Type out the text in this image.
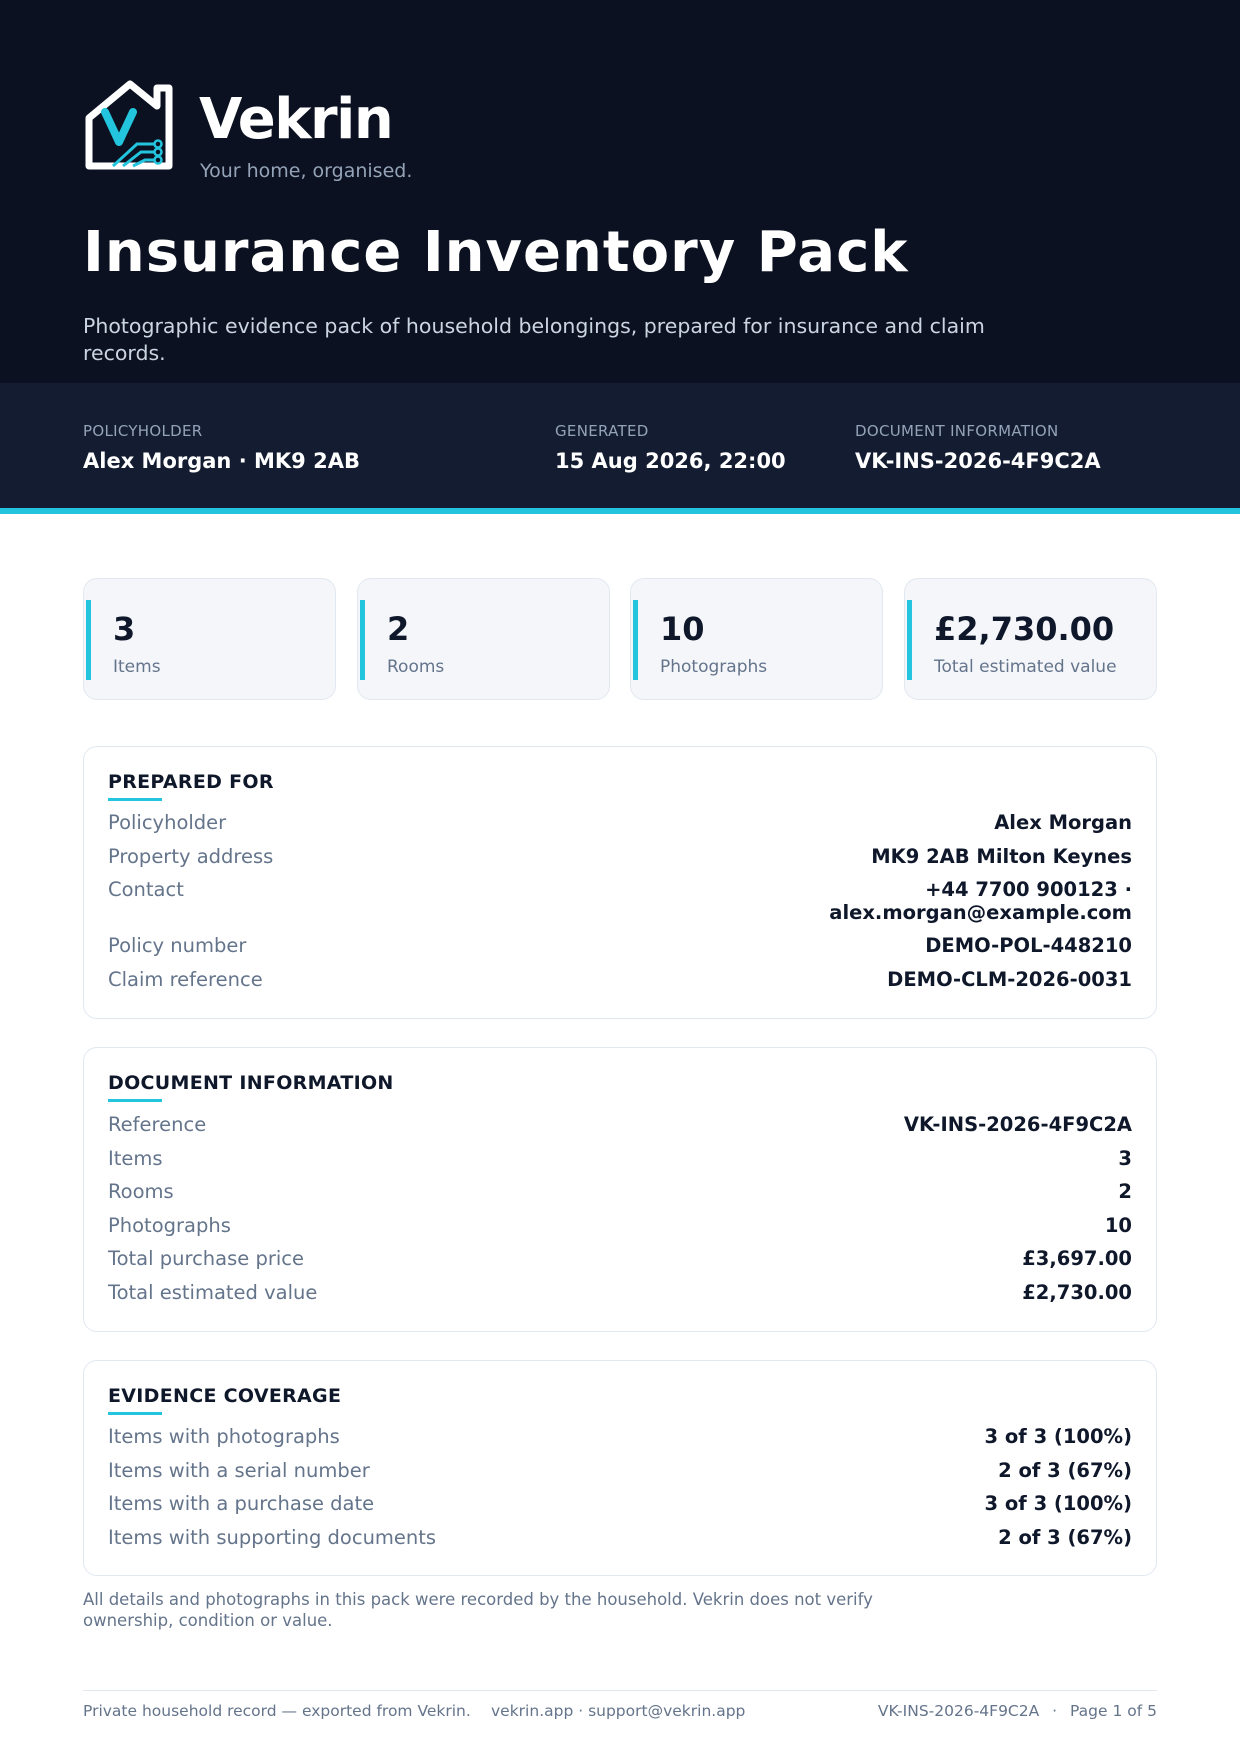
Vekrin
Your home, organised.
Insurance Inventory Pack
Photographic evidence pack of household belongings, prepared for insurance and claim records.
POLICYHOLDER
Alex Morgan · MK9 2AB
GENERATED
15 Aug 2026, 22:00
DOCUMENT INFORMATION
VK-INS-2026-4F9C2A
3
Items
2
Rooms
10
Photographs
£2,730.00
Total estimated value
PREPARED FOR
Policyholder	Alex Morgan
Property address	MK9 2AB Milton Keynes
Contact	+44 7700 900123 ·
alex.morgan@example.com
Policy number	DEMO-POL-448210
Claim reference	DEMO-CLM-2026-0031
DOCUMENT INFORMATION
Reference	VK-INS-2026-4F9C2A
Items	3
Rooms	2
Photographs	10
Total purchase price	£3,697.00
Total estimated value	£2,730.00
EVIDENCE COVERAGE
Items with photographs	3 of 3 (100%)
Items with a serial number	2 of 3 (67%)
Items with a purchase date	3 of 3 (100%)
Items with supporting documents	2 of 3 (67%)
All details and photographs in this pack were recorded by the household. Vekrin does not verify ownership, condition or value.
Private household record — exported from Vekrin. vekrin.app · support@vekrin.app	VK-INS-2026-4F9C2A · Page 1 of 5
